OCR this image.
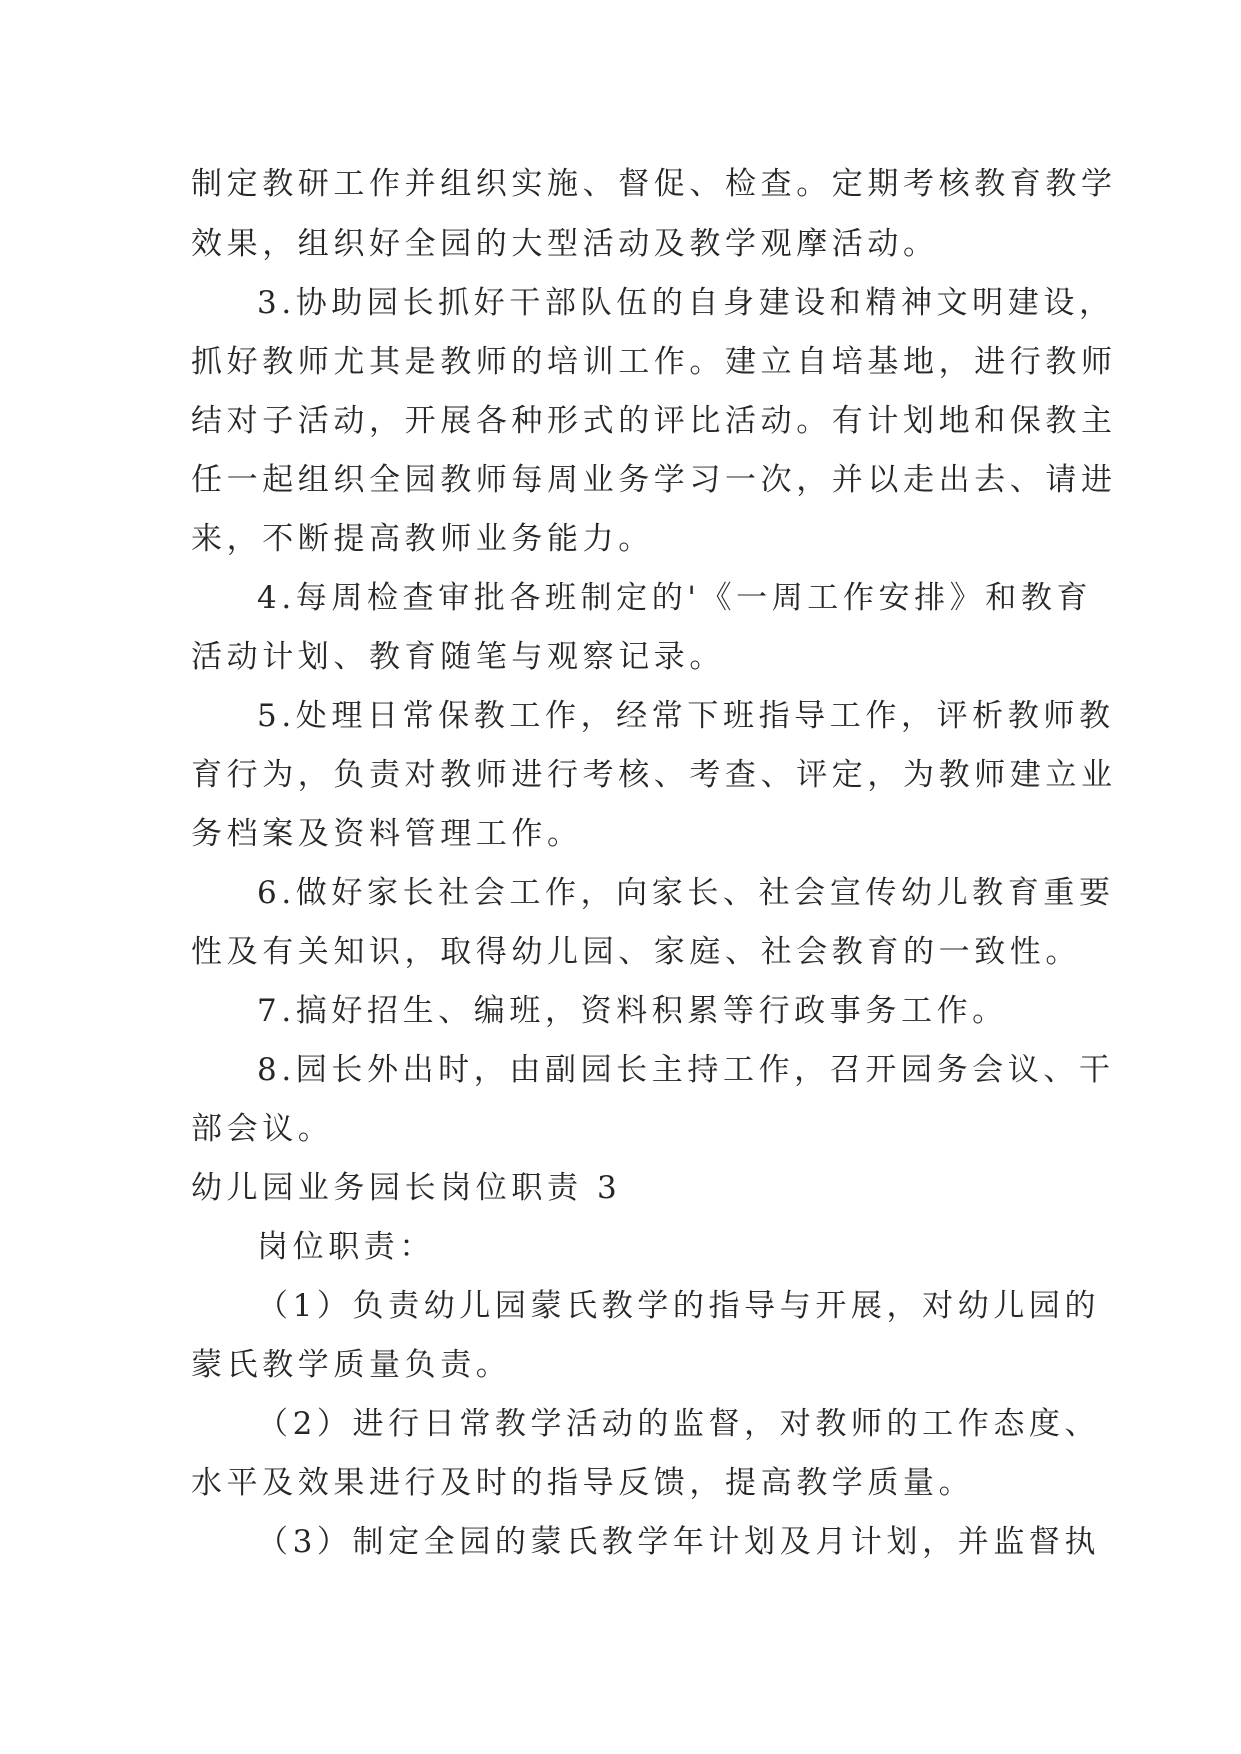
制定教研工作并组织实施、督促、检查。定期考核教育教学
效果，组织好全园的大型活动及教学观摩活动。
3.协助园长抓好干部队伍的自身建设和精神文明建设，
抓好教师尤其是教师的培训工作。建立自培基地，进行教师
结对子活动，开展各种形式的评比活动。有计划地和保教主
任一起组织全园教师每周业务学习一次，并以走出去、请进
来，不断提高教师业务能力。
4.每周检查审批各班制定的'《一周工作安排》和教育
活动计划、教育随笔与观察记录。
5.处理日常保教工作，经常下班指导工作，评析教师教
育行为，负责对教师进行考核、考查、评定，为教师建立业
务档案及资料管理工作。
6.做好家长社会工作，向家长、社会宣传幼儿教育重要
性及有关知识，取得幼儿园、家庭、社会教育的一致性。
7.搞好招生、编班，资料积累等行政事务工作。
8.园长外出时，由副园长主持工作，召开园务会议、干
部会议。
幼儿园业务园长岗位职责 3
岗位职责：
（1）负责幼儿园蒙氏教学的指导与开展，对幼儿园的
蒙氏教学质量负责。
（2）进行日常教学活动的监督，对教师的工作态度、
水平及效果进行及时的指导反馈，提高教学质量。
（3）制定全园的蒙氏教学年计划及月计划，并监督执
